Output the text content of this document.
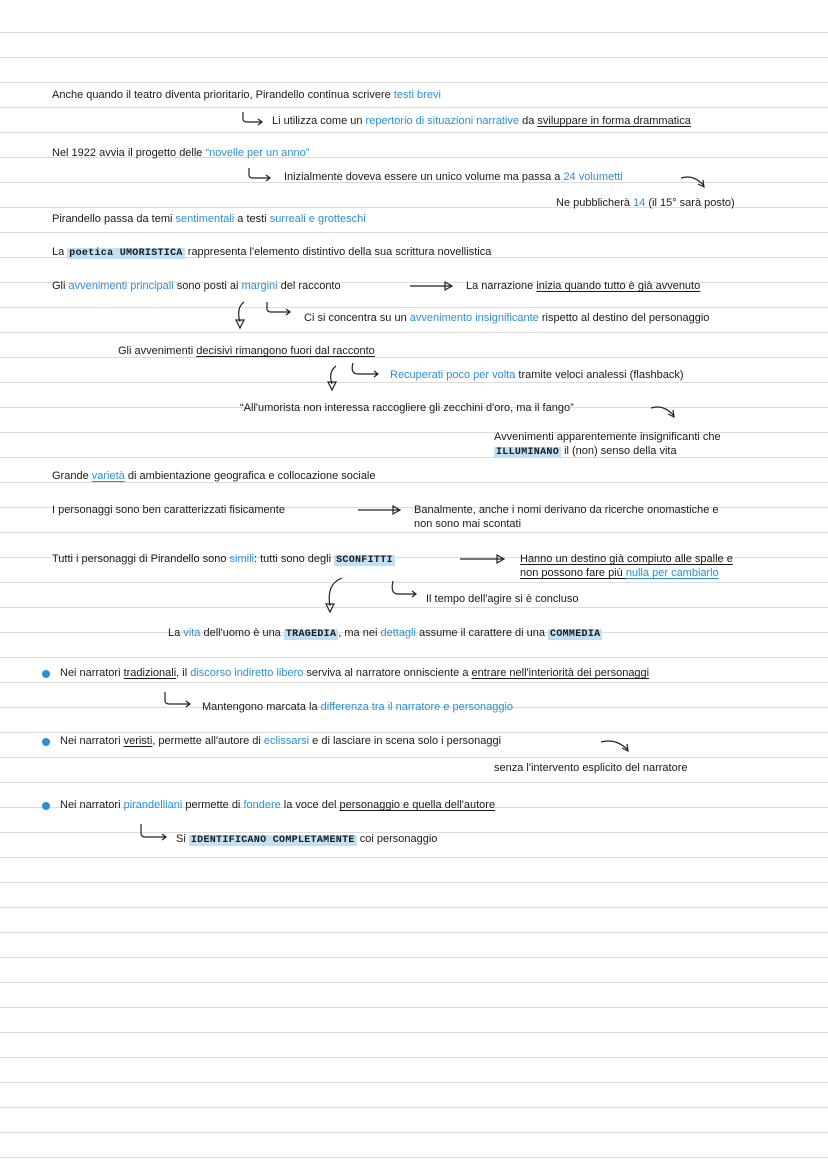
Anche quando il teatro diventa prioritario, Pirandello continua scrivere testi brevi
Li utilizza come un repertorio di situazioni narrative da sviluppare in forma drammatica
Nel 1922 avvia il progetto delle “novelle per un anno”
Inizialmente doveva essere un unico volume ma passa a 24 volumetti
Ne pubblicherà 14 (il 15° sarà posto)
Pirandello passa da temi sentimentali a testi surreali e grotteschi
La poetica UMORISTICA rappresenta l'elemento distintivo della sua scrittura novellistica
Gli avvenimenti principali sono posti ai margini del racconto	La narrazione inizia quando tutto è già avvenuto
Ci si concentra su un avvenimento insignificante rispetto al destino del personaggio
Gli avvenimenti decisivi rimangono fuori dal racconto
Recuperati poco per volta tramite veloci analessi (flashback)
“All'umorista non interessa raccogliere gli zecchini d'oro, ma il fango”
Avvenimenti apparentemente insignificanti che
ILLUMINANO il (non) senso della vita
Grande varietà di ambientazione geografica e collocazione sociale
I personaggi sono ben caratterizzati fisicamente	Banalmente, anche i nomi derivano da ricerche onomastiche e
non sono mai scontati
Tutti i personaggi di Pirandello sono simili: tutti sono degli SCONFITTI	Hanno un destino già compiuto alle spalle e
non possono fare più nulla per cambiarlo
Il tempo dell'agire si è concluso
La vita dell'uomo è una TRAGEDIA , ma nei dettagli assume il carattere di una COMMEDIA
Nei narratori tradizionali, il discorso indiretto libero serviva al narratore onnisciente a entrare nell'interiorità dei personaggi
Mantengono marcata la differenza tra il narratore e personaggio
Nei narratori veristi, permette all'autore di eclissarsi e di lasciare in scena solo i personaggi
senza l'intervento esplicito del narratore
Nei narratori pirandelliani permette di fondere la voce del personaggio e quella dell'autore
Si IDENTIFICANO COMPLETAMENTE coi personaggio
